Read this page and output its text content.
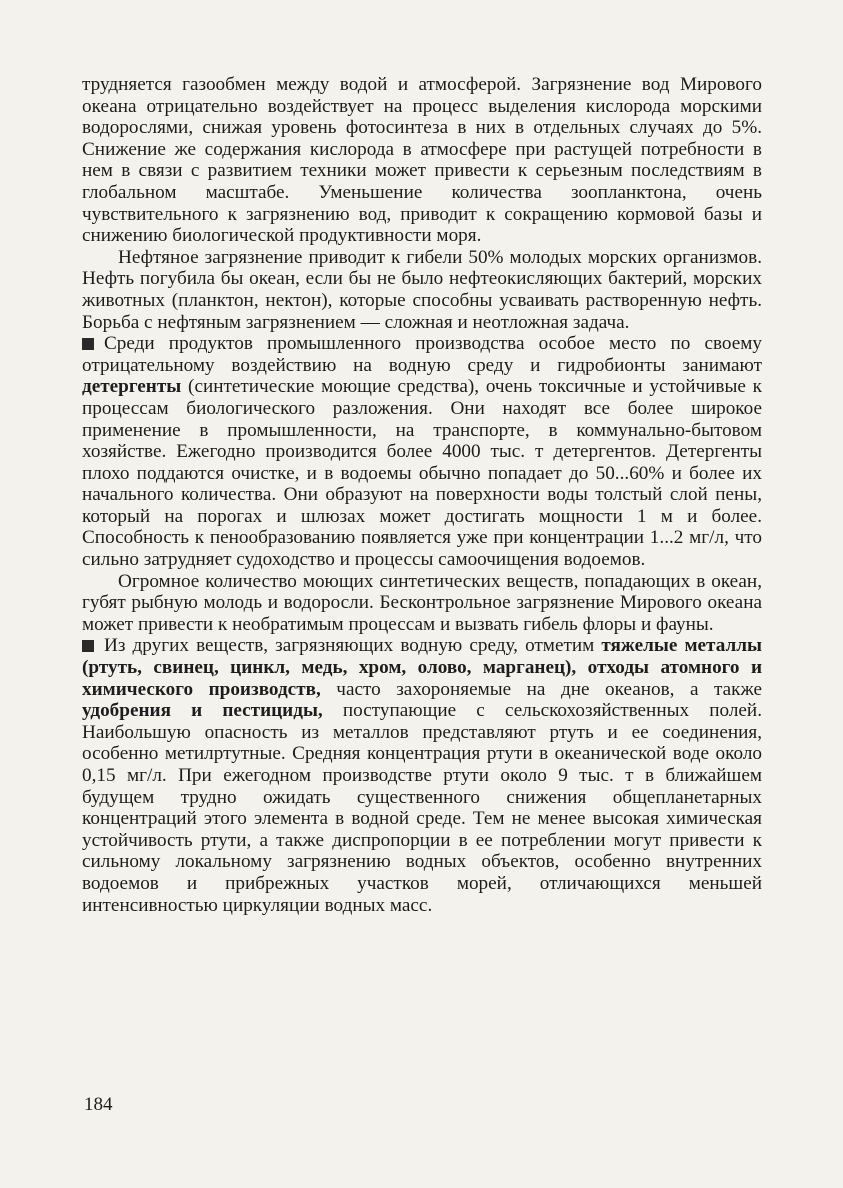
трудняется газообмен между водой и атмосферой. Загрязнение вод Мирового океана отрицательно воздействует на процесс выделения кислорода морскими водорослями, снижая уровень фотосинтеза в них в отдельных случаях до 5%. Снижение же содержания кислорода в атмосфере при растущей потребности в нем в связи с развитием техники может привести к серьезным последствиям в глобальном масштабе. Уменьшение количества зоопланктона, очень чувствительного к загрязнению вод, приводит к сокращению кормовой базы и снижению биологической продуктивности моря.

Нефтяное загрязнение приводит к гибели 50% молодых морских организмов. Нефть погубила бы океан, если бы не было нефтеокисляющих бактерий, морских животных (планктон, нектон), которые способны усваивать растворенную нефть. Борьба с нефтяным загрязнением — сложная и неотложная задача.

Среди продуктов промышленного производства особое место по своему отрицательному воздействию на водную среду и гидробионты занимают детергенты (синтетические моющие средства), очень токсичные и устойчивые к процессам биологического разложения. Они находят все более широкое применение в промышленности, на транспорте, в коммунально-бытовом хозяйстве. Ежегодно производится более 4000 тыс. т детергентов. Детергенты плохо поддаются очистке, и в водоемы обычно попадает до 50...60% и более их начального количества. Они образуют на поверхности воды толстый слой пены, который на порогах и шлюзах может достигать мощности 1 м и более. Способность к пенообразованию появляется уже при концентрации 1...2 мг/л, что сильно затрудняет судоходство и процессы самоочищения водоемов.

Огромное количество моющих синтетических веществ, попадающих в океан, губят рыбную молодь и водоросли. Бесконтрольное загрязнение Мирового океана может привести к необратимым процессам и вызвать гибель флоры и фауны.

Из других веществ, загрязняющих водную среду, отметим тяжелые металлы (ртуть, свинец, цинкл, медь, хром, олово, марганец), отходы атомного и химического производств, часто захороняемые на дне океанов, а также удобрения и пестициды, поступающие с сельскохозяйственных полей. Наибольшую опасность из металлов представляют ртуть и ее соединения, особенно метилртутные. Средняя концентрация ртути в океанической воде около 0,15 мг/л. При ежегодном производстве ртути около 9 тыс. т в ближайшем будущем трудно ожидать существенного снижения общепланетарных концентраций этого элемента в водной среде. Тем не менее высокая химическая устойчивость ртути, а также диспропорции в ее потреблении могут привести к сильному локальному загрязнению водных объектов, особенно внутренних водоемов и прибрежных участков морей, отличающихся меньшей интенсивностью циркуляции водных масс.

184
